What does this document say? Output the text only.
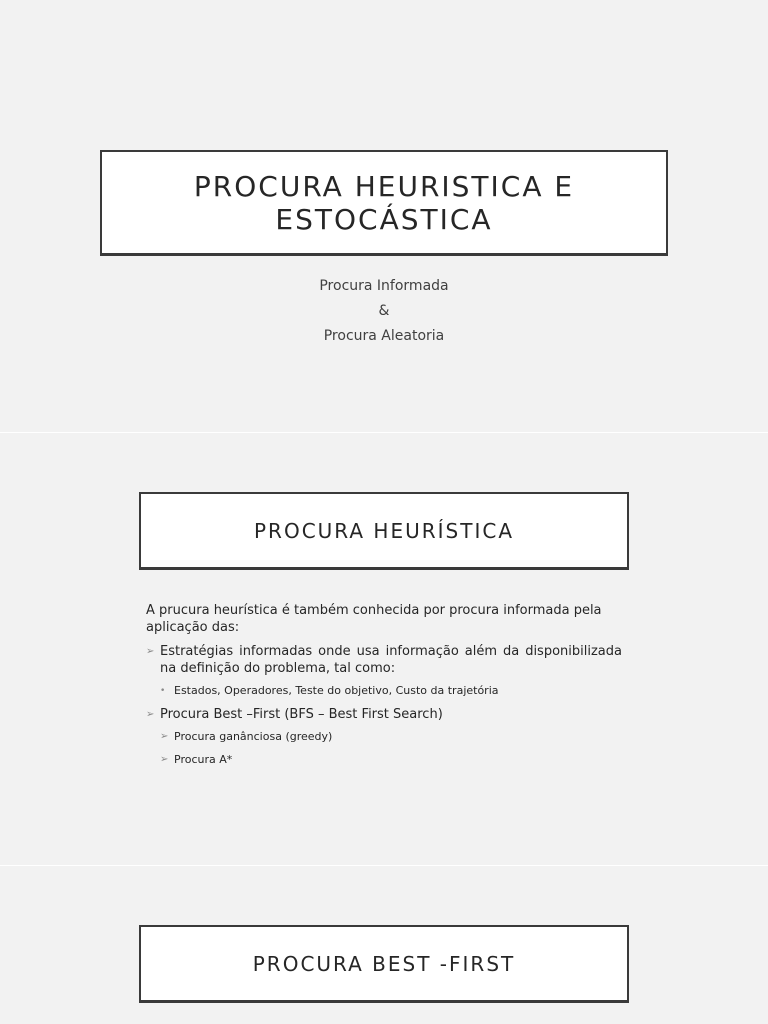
PROCURA HEURISTICA E
ESTOCÁSTICA
Procura Informada
&
Procura Aleatoria
PROCURA HEURÍSTICA

A prucura heurística é também conhecida por procura informada pela aplicação das:

➢ Estratégias informadas onde usa informação além da disponibilizada na definição do problema, tal como:
• Estados, Operadores, Teste do objetivo, Custo da trajetória
➢ Procura Best –First (BFS – Best First Search)
➢ Procura ganânciosa (greedy)
➢ Procura A*
PROCURA BEST -FIRST
